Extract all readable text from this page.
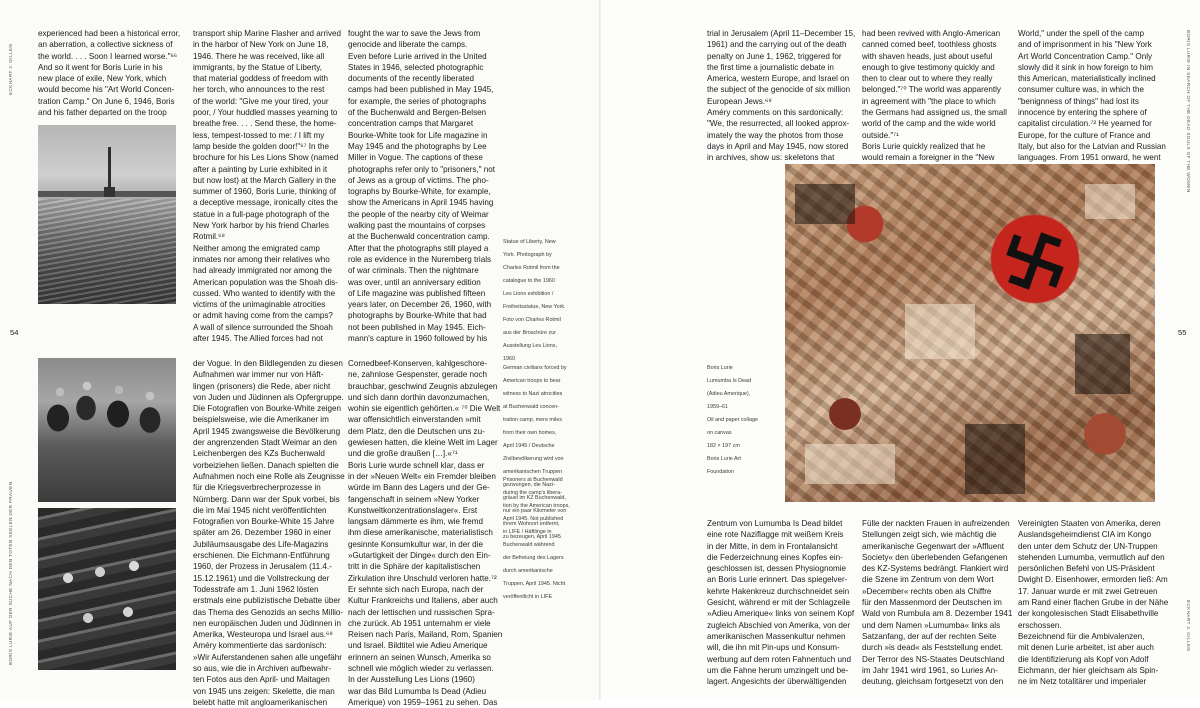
ECKHART J. GILLEN
BORIS LURIE AUF DER SUCHE NACH DEN TOTEN SEELEN DER FRAUEN
BORIS LURIE IN SEARCH OF THE DEAD SOULS OF THE WOMEN
ECKHART J. GILLEN
54	55

experienced had been a historical error,

an aberration, a collective sickness of

the world. . . . Soon I learned worse."⁶⁶

And so it went for Boris Lurie in his

new place of exile, New York, which

would become his "Art World Concen-

tration Camp." On June 6, 1946, Boris

and his father departed on the troop

transport ship Marine Flasher and arrived

in the harbor of New York on June 18,

1946. There he was received, like all

immigrants, by the Statue of Liberty,

that material goddess of freedom with

her torch, who announces to the rest

of the world: "Give me your tired, your

poor, / Your huddled masses yearning to

breathe free. . . . Send these, the home-

less, tempest-tossed to me: / I lift my

lamp beside the golden door!"⁶⁷ In the

brochure for his Les Lions Show (named

after a painting by Lurie exhibited in it

but now lost) at the March Gallery in the

summer of 1960, Boris Lurie, thinking of

a deceptive message, ironically cites the

statue in a full-page photograph of the

New York harbor by his friend Charles

Rotmil.⁶⁸

Neither among the emigrated camp

inmates nor among their relatives who

had already immigrated nor among the

American population was the Shoah dis-

cussed. Who wanted to identify with the

victims of the unimaginable atrocities

or admit having come from the camps?

A wall of silence surrounded the Shoah

after 1945. The Allied forces had not

fought the war to save the Jews from

genocide and liberate the camps.

Even before Lurie arrived in the United

States in 1946, selected photographic

documents of the recently liberated

camps had been published in May 1945,

for example, the series of photographs

of the Buchenwald and Bergen-Belsen

concentration camps that Margaret

Bourke-White took for Life magazine in

May 1945 and the photographs by Lee

Miller in Vogue. The captions of these

photographs refer only to "prisoners," not

of Jews as a group of victims. The pho-

tographs by Bourke-White, for example,

show the Americans in April 1945 having

the people of the nearby city of Weimar

walking past the mountains of corpses

at the Buchenwald concentration camp.

After that the photographs still played a

role as evidence in the Nuremberg trials

of war criminals. Then the nightmare

was over, until an anniversary edition

of Life magazine was published fifteen

years later, on December 26, 1960, with

photographs by Bourke-White that had

not been published in May 1945. Eich-

mann's capture in 1960 followed by his

Statue of Liberty, New

York. Photograph by

Charles Rotmil from the

catalogue to the 1960

Les Lions exhibition /

Freiheitsstatue, New York.

Foto von Charles Rotmil

aus der Broschüre zur

Ausstellung Les Lions,

1960

der Vogue. In den Bildlegenden zu diesen

Aufnahmen war immer nur von Häft-

lingen (prisoners) die Rede, aber nicht

von Juden und Jüdinnen als Opfergruppe.

Die Fotografien von Bourke-White zeigen

beispielsweise, wie die Amerikaner im

April 1945 zwangsweise die Bevölkerung

der angrenzenden Stadt Weimar an den

Leichenbergen des KZs Buchenwald

vorbeiziehen ließen. Danach spielten die

Aufnahmen noch eine Rolle als Zeugnisse

für die Kriegsverbrecherprozesse in

Nürnberg. Dann war der Spuk vorbei, bis

die im Mai 1945 nicht veröffentlichten

Fotografien von Bourke-White 15 Jahre

später am 26. Dezember 1960 in einer

Jubiläumsausgabe des Life-Magazins

erschienen. Die Eichmann-Entführung

1960, der Prozess in Jerusalem (11.4.-

15.12.1961) und die Vollstreckung der

Todesstrafe am 1. Juni 1962 lösten

erstmals eine publizistische Debatte über

das Thema des Genozids an sechs Millio-

nen europäischen Juden und Jüdinnen in

Amerika, Westeuropa und Israel aus.⁶⁹

Améry kommentierte das sardonisch:

»Wir Auferstandenen sahen alle ungefähr

so aus, wie die in Archiven aufbewahr-

ten Fotos aus den April- und Maitagen

von 1945 uns zeigen: Skelette, die man

belebt hatte mit angloamerikanischen

Cornedbeef-Konserven, kahlgeschore-

ne, zahnlose Gespenster, gerade noch

brauchbar, geschwind Zeugnis abzulegen

und sich dann dorthin davonzumachen,

wohin sie eigentlich gehörten.« ⁷⁰ Die Welt

war offensichtlich einverstanden »mit

dem Platz, den die Deutschen uns zu-

gewiesen hatten, die kleine Welt im Lager

und die große draußen […].«⁷¹

Boris Lurie wurde schnell klar, dass er

in der »Neuen Welt« ein Fremder bleiben

würde im Bann des Lagers und der Ge-

fangenschaft in seinem »New Yorker

Kunstweltkonzentrationslager«. Erst

langsam dämmerte es ihm, wie fremd

ihm diese amerikanische, materialistisch

gesinnte Konsumkultur war, in der die

»Gutartigkeit der Dinge« durch den Ein-

tritt in die Sphäre der kapitalistischen

Zirkulation ihre Unschuld verloren hatte.⁷²

Er sehnte sich nach Europa, nach der

Kultur Frankreichs und Italiens, aber auch

nach der lettischen und russischen Spra-

che zurück. Ab 1951 unternahm er viele

Reisen nach Paris, Mailand, Rom, Spanien

und Israel. Bildtitel wie Adieu Amerique

erinnern an seinen Wunsch, Amerika so

schnell wie möglich wieder zu verlassen.

In der Ausstellung Les Lions (1960)

war das Bild Lumumba Is Dead (Adieu

Amerique) von 1959–1961 zu sehen. Das

German civilians forced by

American troops to bear

witness to Nazi atrocities

at Buchenwald concen-

tration camp, mere miles

from their own homes,

April 1945 / Deutsche

Zivilbevölkerung wird von

amerikanischen Truppen

gezwungen, die Nazi-

gräuel im KZ Buchenwald,

nur ein paar Kilometer von

ihrem Wohnort entfernt,

zu bezeugen, April 1945

Prisoners at Buchenwald

during the camp's libera-

tion by the American troops,

April 1945. Not published

in LIFE / Häftlinge in

Buchenwald während

der Befreiung des Lagers

durch amerikanische

Truppen, April 1945. Nicht

veröffentlicht in LIFE

trial in Jerusalem (April 11–December 15,

1961) and the carrying out of the death

penalty on June 1, 1962, triggered for

the first time a journalistic debate in

America, western Europe, and Israel on

the subject of the genocide of six million

European Jews.⁶⁹

Améry comments on this sardonically:

"We, the resurrected, all looked approx-

imately the way the photos from those

days in April and May 1945, now stored

in archives, show us: skeletons that

had been revived with Anglo-American

canned corned beef, toothless ghosts

with shaven heads, just about useful

enough to give testimony quickly and

then to clear out to where they really

belonged."⁷⁰ The world was apparently

in agreement with "the place to which

the Germans had assigned us, the small

world of the camp and the wide world

outside."⁷¹

Boris Lurie quickly realized that he

would remain a foreigner in the "New

World," under the spell of the camp

and of imprisonment in his "New York

Art World Concentration Camp." Only

slowly did it sink in how foreign to him

this American, materialistically inclined

consumer culture was, in which the

"benignness of things" had lost its

innocence by entering the sphere of

capitalist circulation.⁷² He yearned for

Europe, for the culture of France and

Italy, but also for the Latvian and Russian

languages. From 1951 onward, he went

Boris Lurie

Lumumba Is Dead

(Adieu Amerique),

1959–61

Oil and paper collage

on canvas

182 × 197 cm

Boris Lurie Art

Foundation

Zentrum von Lumumba Is Dead bildet

eine rote Naziflagge mit weißem Kreis

in der Mitte, in dem in Frontalansicht

die Federzeichnung eines Kopfes ein-

geschlossen ist, dessen Physiognomie

an Boris Lurie erinnert. Das spiegelver-

kehrte Hakenkreuz durchschneidet sein

Gesicht, während er mit der Schlagzeile

»Adieu Amerique« links von seinem Kopf

zugleich Abschied von Amerika, von der

amerikanischen Massenkultur nehmen

will, die ihn mit Pin-ups und Konsum-

werbung auf dem roten Fahnentuch und

um die Fahne herum umzingelt und be-

lagert. Angesichts der überwältigenden

Fülle der nackten Frauen in aufreizenden

Stellungen zeigt sich, wie mächtig die

amerikanische Gegenwart der »Affluent

Society« den überlebenden Gefangenen

des KZ-Systems bedrängt. Flankiert wird

die Szene im Zentrum von dem Wort

»December« rechts oben als Chiffre

für den Massenmord der Deutschen im

Wald von Rumbula am 8. Dezember 1941

und dem Namen »Lumumba« links als

Satzanfang, der auf der rechten Seite

durch »is dead« als Feststellung endet.

Der Terror des NS-Staates Deutschland

im Jahr 1941 wird 1961, so Luries An-

deutung, gleichsam fortgesetzt von den

Vereinigten Staaten von Amerika, deren

Auslandsgeheimdienst CIA im Kongo

den unter dem Schutz der UN-Truppen

stehenden Lumumba, vermutlich auf den

persönlichen Befehl von US-Präsident

Dwight D. Eisenhower, ermorden ließ: Am

17. Januar wurde er mit zwei Getreuen

am Rand einer flachen Grube in der Nähe

der kongolesischen Stadt Elisabethville

erschossen.

Bezeichnend für die Ambivalenzen,

mit denen Lurie arbeitet, ist aber auch

die Identifizierung als Kopf von Adolf

Eichmann, der hier gleichsam als Spin-

ne im Netz totalitärer und imperialer
